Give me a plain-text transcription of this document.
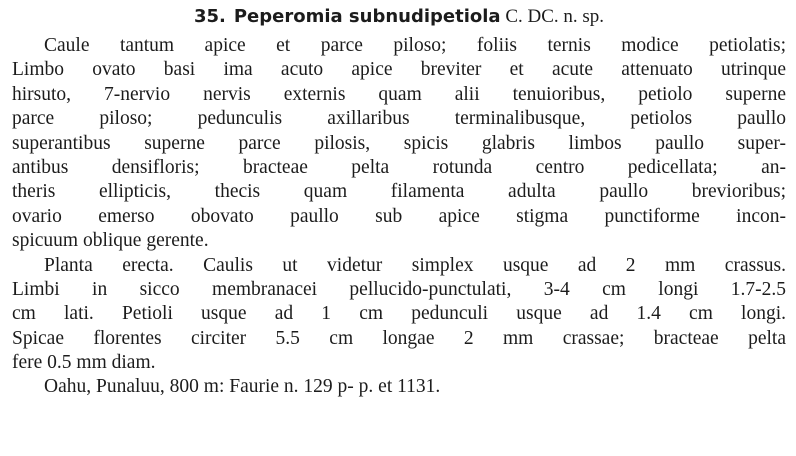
35. Peperomia subnudipetiola C. DC. n. sp.
Caule tantum apice et parce piloso; foliis ternis modice petiolatis;
Limbo ovato basi ima acuto apice breviter et acute attenuato utrinque
hirsuto, 7-nervio nervis externis quam alii tenuioribus, petiolo superne
parce piloso; pedunculis axillaribus terminalibusque, petiolos paullo
superantibus superne parce pilosis, spicis glabris limbos paullo super-
antibus densifloris; bracteae pelta rotunda centro pedicellata; an-
theris ellipticis, thecis quam filamenta adulta paullo brevioribus;
ovario emerso obovato paullo sub apice stigma punctiforme incon-
spicuum oblique gerente.
Planta erecta. Caulis ut videtur simplex usque ad 2 mm crassus.
Limbi in sicco membranacei pellucido-punctulati, 3-4 cm longi 1.7-2.5
cm lati. Petioli usque ad 1 cm pedunculi usque ad 1.4 cm longi.
Spicae florentes circiter 5.5 cm longae 2 mm crassae; bracteae pelta
fere 0.5 mm diam.
Oahu, Punaluu, 800 m: Faurie n. 129 p- p. et 1131.
